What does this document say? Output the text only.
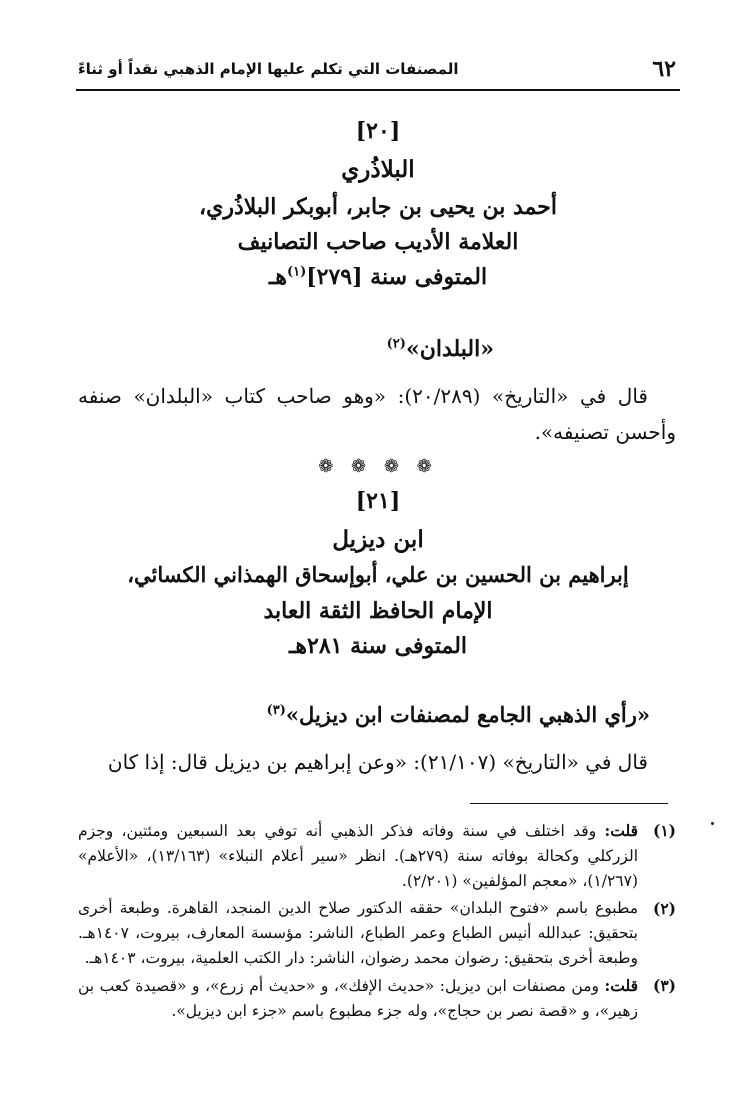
٦٢
المصنفات التي تكلم عليها الإمام الذهبي نقداً أو ثناءً
[٢٠]
البلاذُري
أحمد بن يحيى بن جابر، أبوبكر البلاذُري،
العلامة الأديب صاحب التصانيف
المتوفى سنة [٢٧٩]$^{(١)}$هـ
«البلدان»$^{(٢)}$
قال في «التاريخ» (٢٠/٢٨٩): «وهو صاحب كتاب «البلدان» صنفه وأحسن تصنيفه».
❁ ❁ ❁ ❁
[٢١]
ابن ديزيل
إبراهيم بن الحسين بن علي، أبوإسحاق الهمذاني الكسائي،
الإمام الحافظ الثقة العابد
المتوفى سنة ٢٨١هـ
«رأي الذهبي الجامع لمصنفات ابن ديزيل»$^{(٣)}$
قال في «التاريخ» (٢١/١٠٧): «وعن إبراهيم بن ديزيل قال: إذا كان
(١)
قلت: وقد اختلف في سنة وفاته فذكر الذهبي أنه توفي بعد السبعين ومئتين، وجزم الزركلي وكحالة بوفاته سنة (٢٧٩هـ). انظر «سير أعلام النبلاء» (١٣/١٦٣)، «الأعلام» (١/٢٦٧)، «معجم المؤلفين» (٢/٢٠١).
(٢)
مطبوع باسم «فتوح البلدان» حققه الدكتور صلاح الدين المنجد، القاهرة. وطبعة أخرى بتحقيق: عبدالله أنيس الطباع وعمر الطباع، الناشر: مؤسسة المعارف، بيروت، ١٤٠٧هـ. وطبعة أخرى بتحقيق: رضوان محمد رضوان، الناشر: دار الكتب العلمية، بيروت، ١٤٠٣هـ.
(٣)
قلت: ومن مصنفات ابن ديزيل: «حديث الإفك»، و «حديث أم زرع»، و «قصيدة كعب بن زهير»، و «قصة نصر بن حجاج»، وله جزء مطبوع باسم «جزء ابن ديزيل».
